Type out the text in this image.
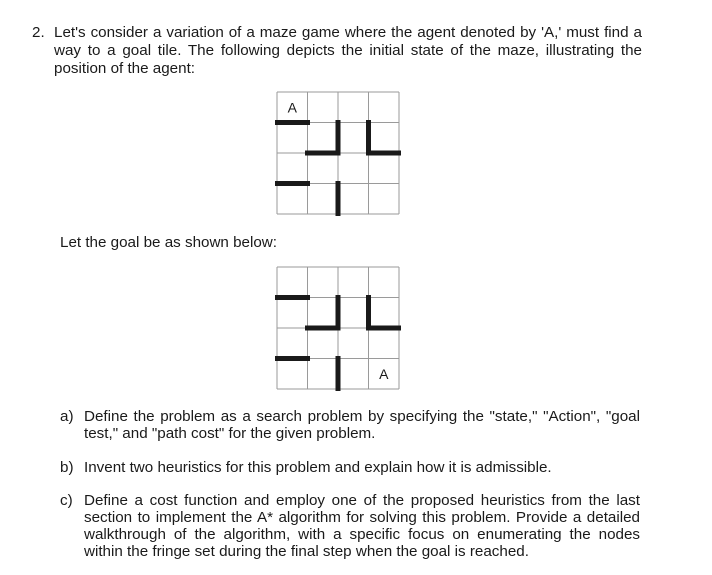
2. Let's consider a variation of a maze game where the agent denoted by 'A,' must find a way to a goal tile. The following depicts the initial state of the maze, illustrating the position of the agent:
A
Let the goal be as shown below:
A
a) Define the problem as a search problem by specifying the "state," "Action", "goal test," and "path cost" for the given problem.
b) Invent two heuristics for this problem and explain how it is admissible.
c) Define a cost function and employ one of the proposed heuristics from the last section to implement the A* algorithm for solving this problem. Provide a detailed walkthrough of the algorithm, with a specific focus on enumerating the nodes within the fringe set during the final step when the goal is reached.
